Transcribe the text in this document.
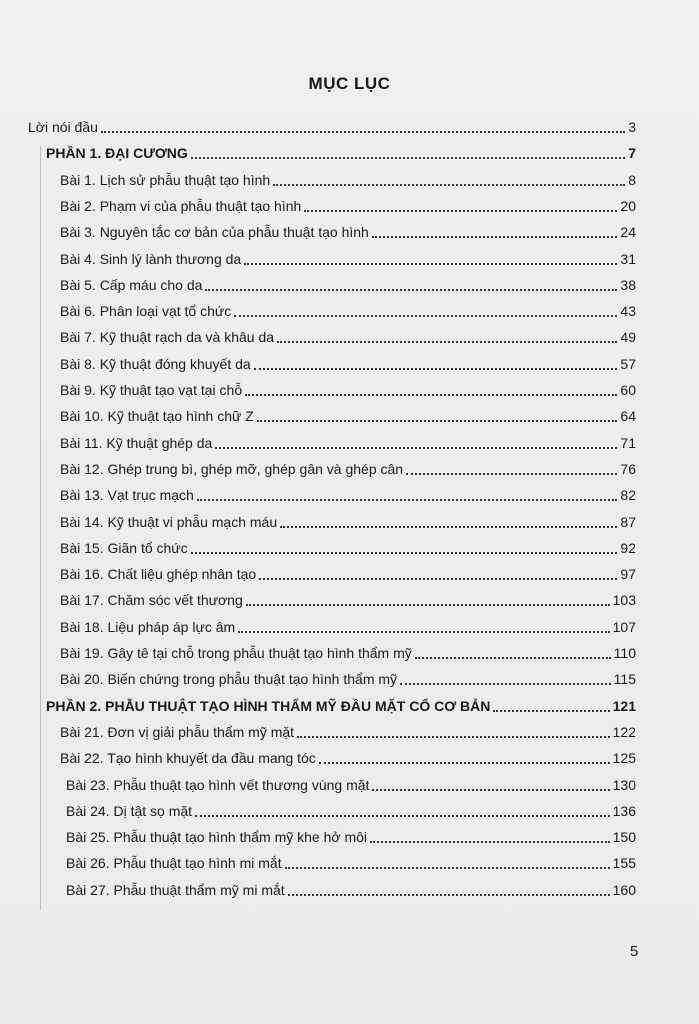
MỤC LỤC
Lời nói đầu	3
PHẦN 1. ĐẠI CƯƠNG	7
Bài 1. Lịch sử phẫu thuật tạo hình	8
Bài 2. Phạm vi của phẫu thuật tạo hình	20
Bài 3. Nguyên tắc cơ bản của phẫu thuật tạo hình	24
Bài 4. Sinh lý lành thương da	31
Bài 5. Cấp máu cho da	38
Bài 6. Phân loại vạt tổ chức	43
Bài 7. Kỹ thuật rạch da và khâu da	49
Bài 8. Kỹ thuật đóng khuyết da	57
Bài 9. Kỹ thuật tạo vạt tại chỗ	60
Bài 10. Kỹ thuật tạo hình chữ Z	64
Bài 11. Kỹ thuật ghép da	71
Bài 12. Ghép trung bì, ghép mỡ, ghép gân và ghép cân	76
Bài 13. Vạt trục mạch	82
Bài 14. Kỹ thuật vi phẫu mạch máu	87
Bài 15. Giãn tổ chức	92
Bài 16. Chất liệu ghép nhân tạo	97
Bài 17. Chăm sóc vết thương	103
Bài 18. Liệu pháp áp lực âm	107
Bài 19. Gây tê tại chỗ trong phẫu thuật tạo hình thẩm mỹ	110
Bài 20. Biến chứng trong phẫu thuật tạo hình thẩm mỹ	115
PHẦN 2. PHẪU THUẬT TẠO HÌNH THẨM MỸ ĐẦU MẶT CỔ CƠ BẢN	121
Bài 21. Đơn vị giải phẫu thẩm mỹ mặt	122
Bài 22. Tạo hình khuyết da đầu mang tóc	125
Bài 23. Phẫu thuật tạo hình vết thương vùng mặt	130
Bài 24. Dị tật sọ mặt	136
Bài 25. Phẫu thuật tạo hình thẩm mỹ khe hở môi	150
Bài 26. Phẫu thuật tạo hình mi mắt	155
Bài 27. Phẫu thuật thẩm mỹ mi mắt	160
5
